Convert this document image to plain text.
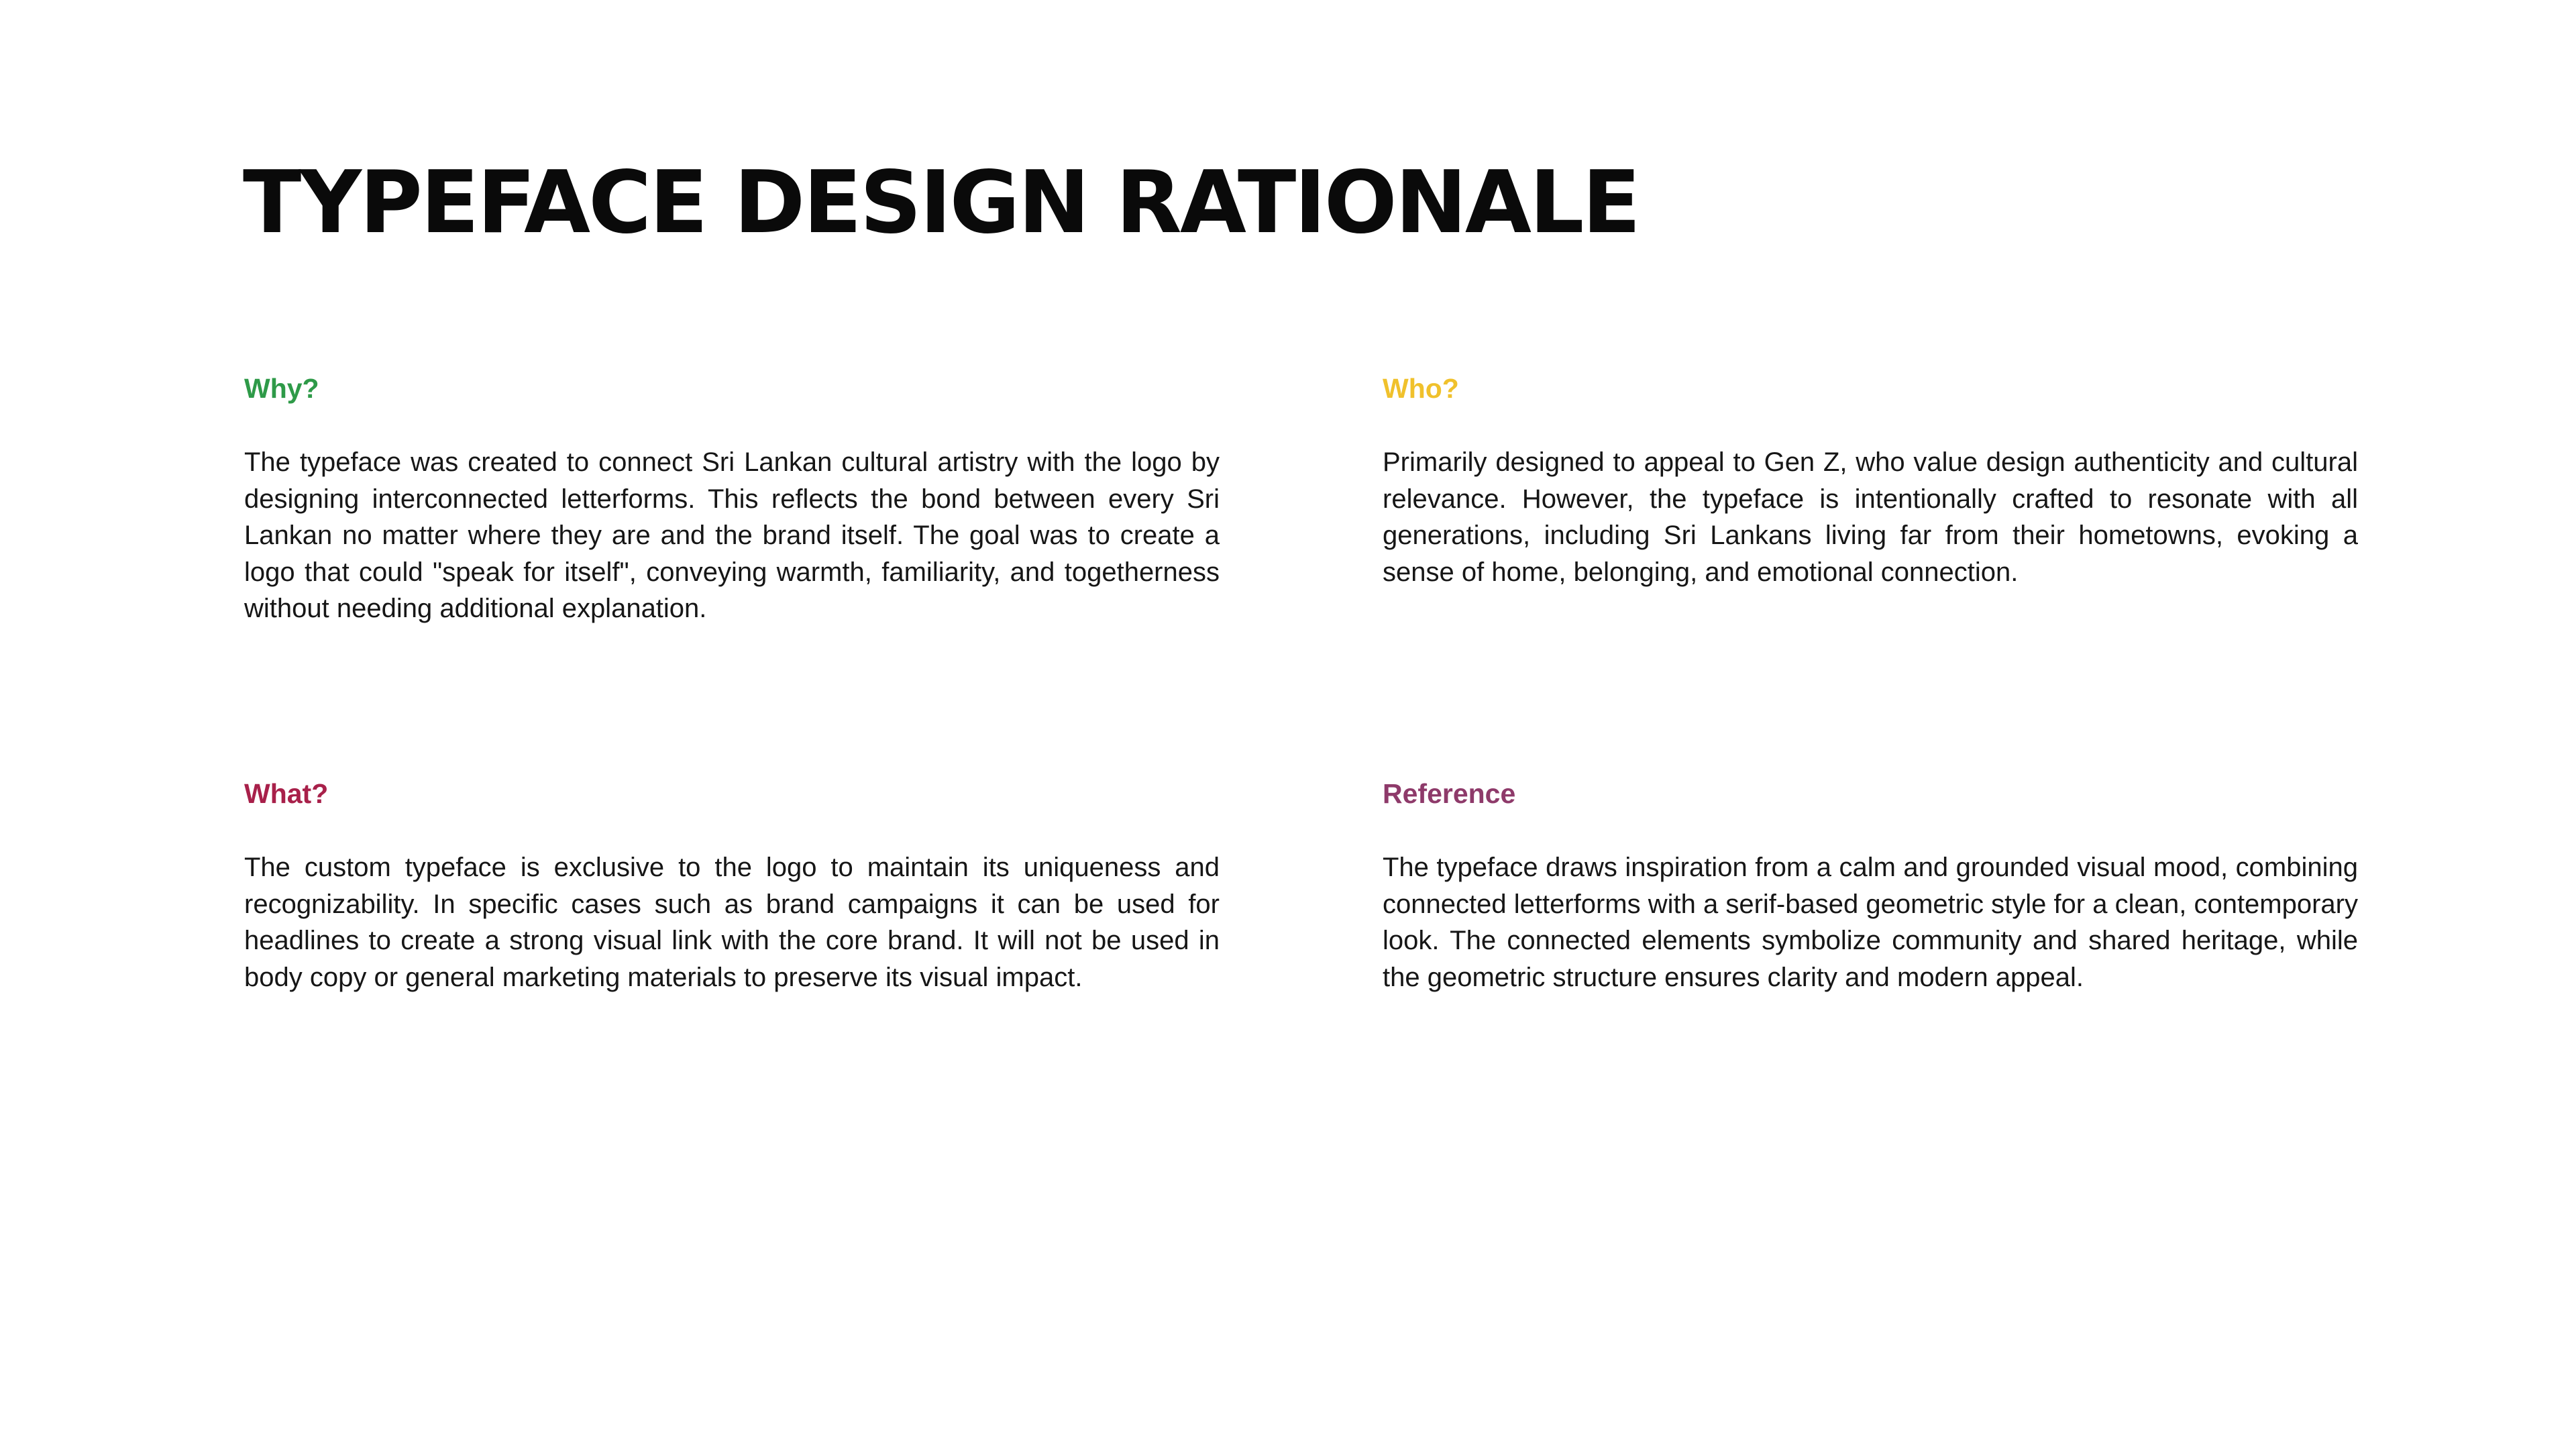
TYPEFACE DESIGN RATIONALE
Why?

The typeface was created to connect Sri Lankan cultural artistry with the logo by designing interconnected letterforms. This reflects the bond between every Sri Lankan no matter where they are and the brand itself. The goal was to create a logo that could "speak for itself", conveying warmth, familiarity, and togetherness without needing additional explanation.

Who?

Primarily designed to appeal to Gen Z, who value design authenticity and cultural relevance. However, the typeface is intentionally crafted to resonate with all generations, including Sri Lankans living far from their hometowns, evoking a sense of home, belonging, and emotional connection.

What?

The custom typeface is exclusive to the logo to maintain its uniqueness and recognizability. In specific cases such as brand campaigns it can be used for headlines to create a strong visual link with the core brand. It will not be used in body copy or general marketing materials to preserve its visual impact.

Reference

The typeface draws inspiration from a calm and grounded visual mood, combining connected letterforms with a serif-based geometric style for a clean, contemporary look. The connected elements symbolize community and shared heritage, while the geometric structure ensures clarity and modern appeal.
